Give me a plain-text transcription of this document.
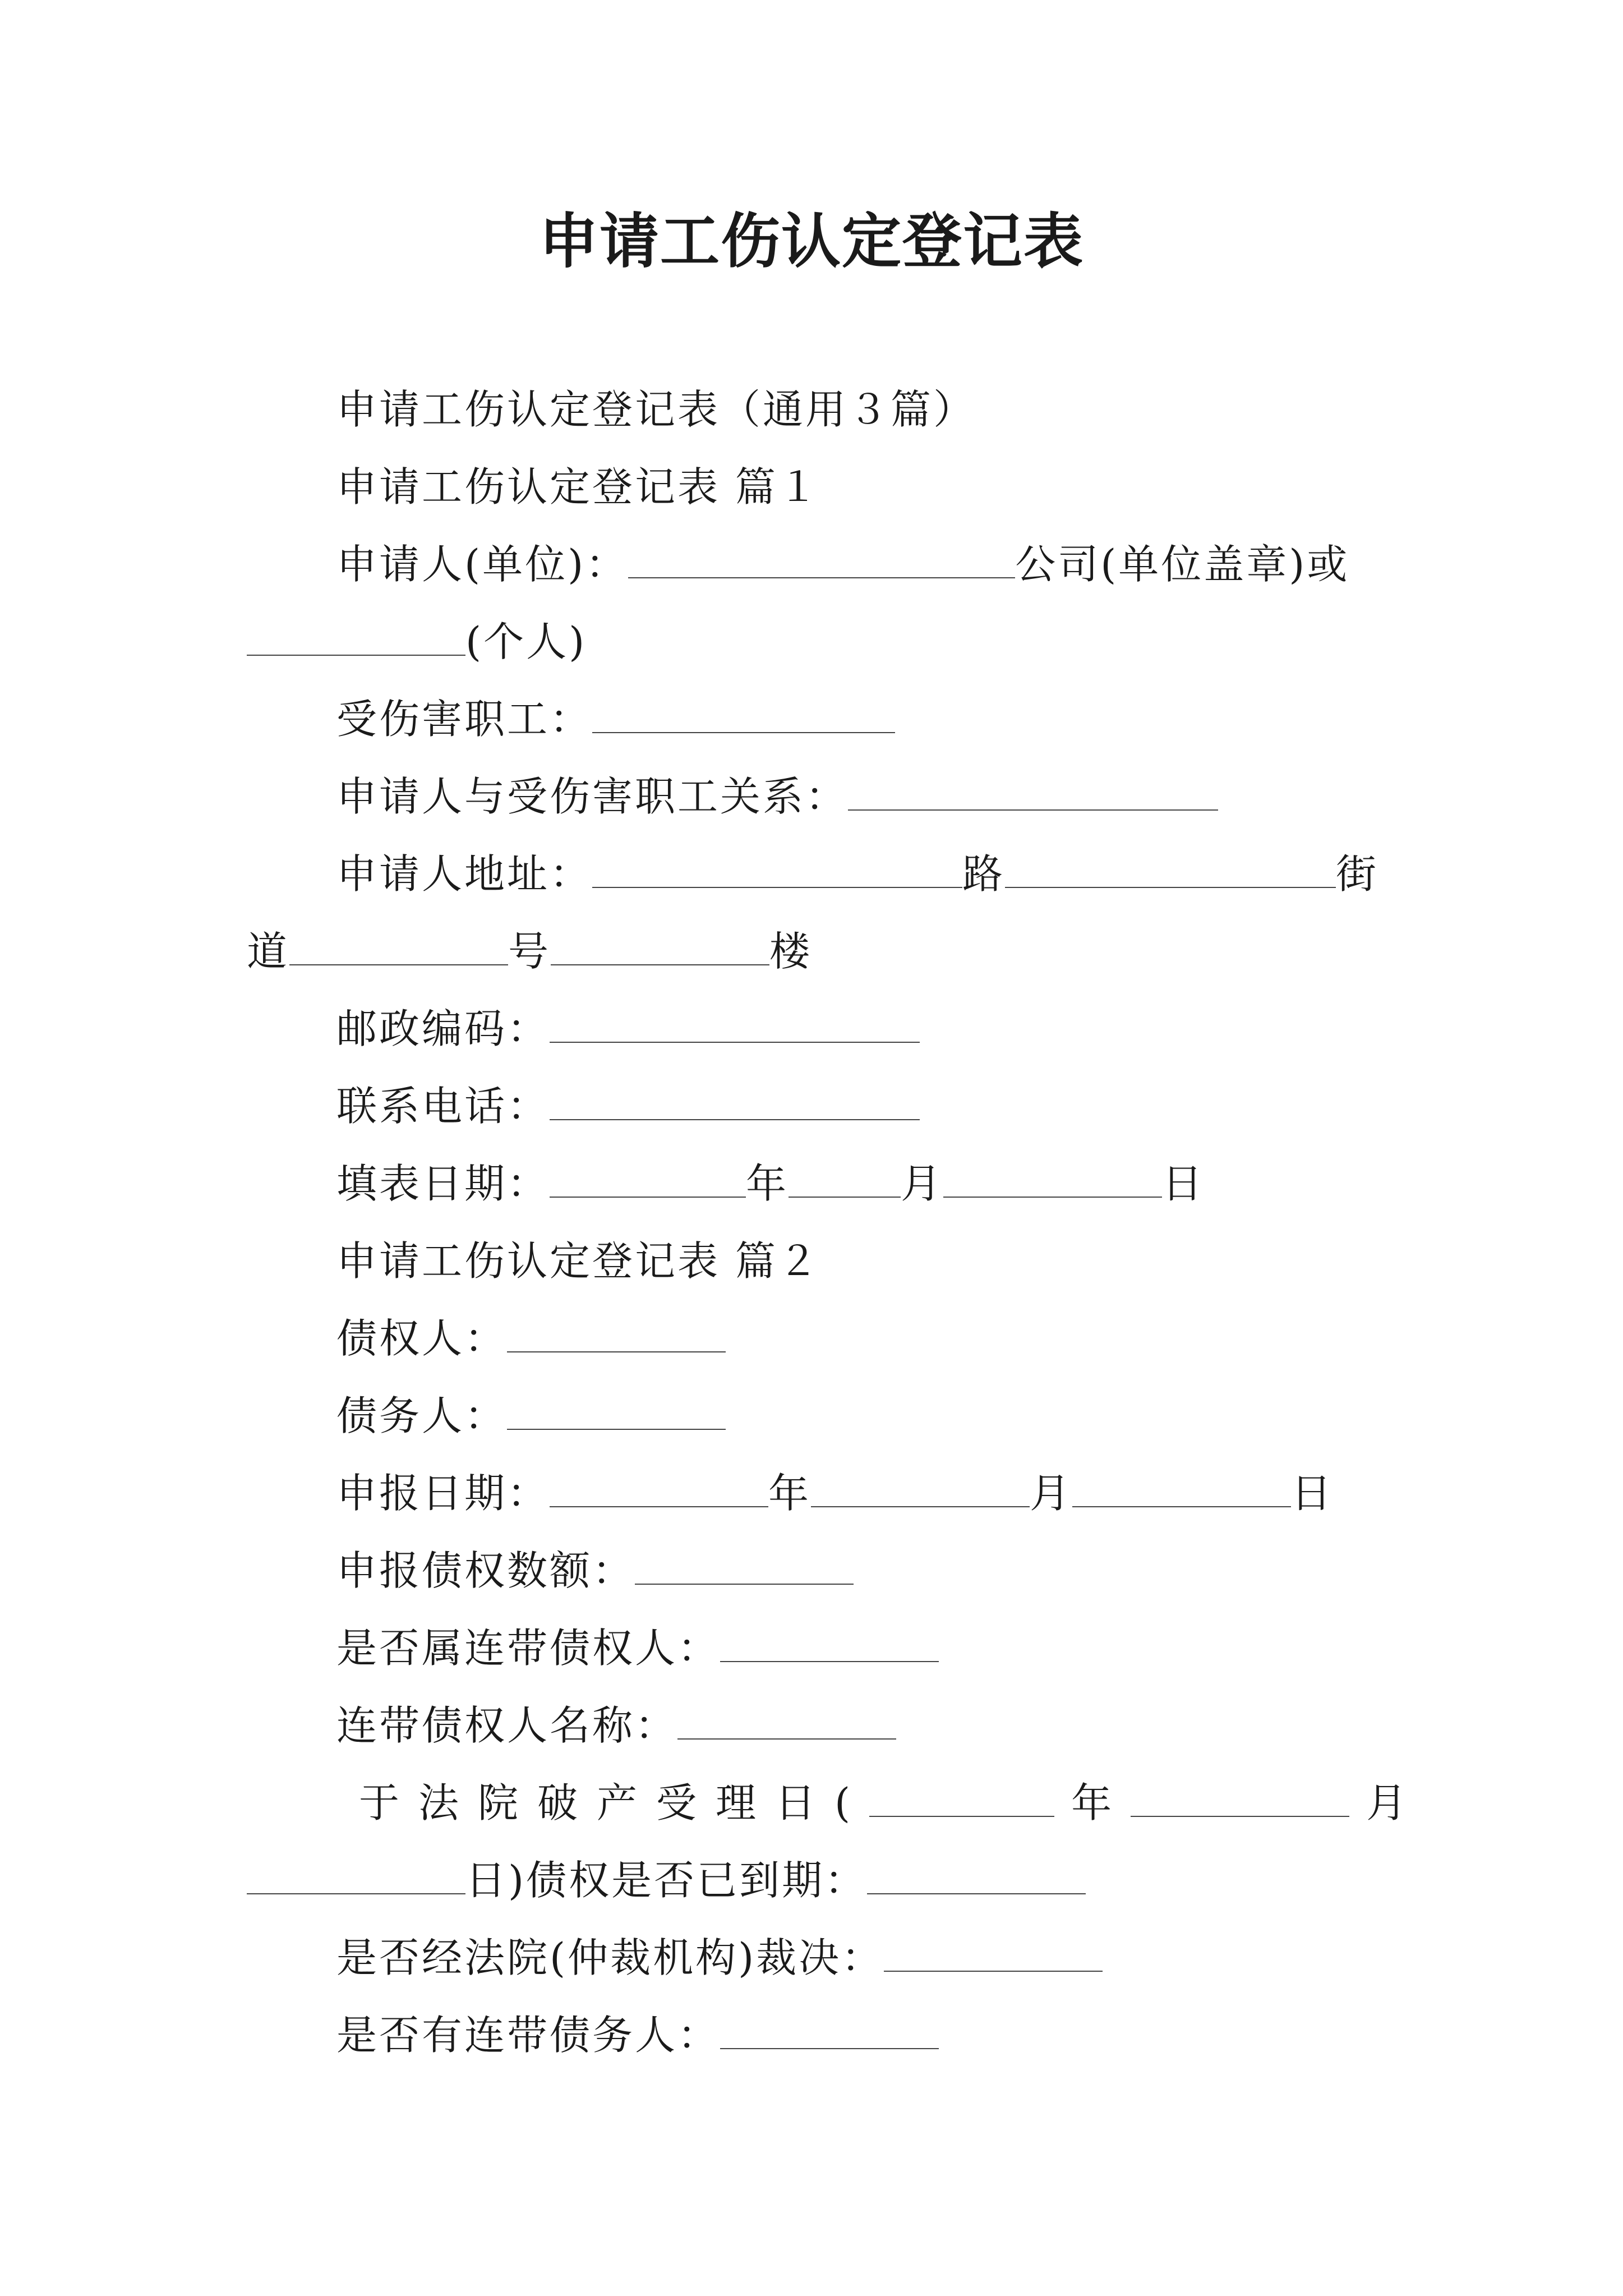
申请工伤认定登记表
申请工伤认定登记表（通用３篇）
申请工伤认定登记表 篇１
申请人(单位)：	公司(单位盖章)或
(个人)
受伤害职工：
申请人与受伤害职工关系：
申请人地址：	路	街
道	号	楼
邮政编码：
联系电话：
填表日期：	年	月	日
申请工伤认定登记表 篇２
债权人：
债务人：
申报日期：	年	月	日
申报债权数额：
是否属连带债权人：
连带债权人名称：
于法院破产受理日(	年	月
日)债权是否已到期：
是否经法院(仲裁机构)裁决：
是否有连带债务人：
